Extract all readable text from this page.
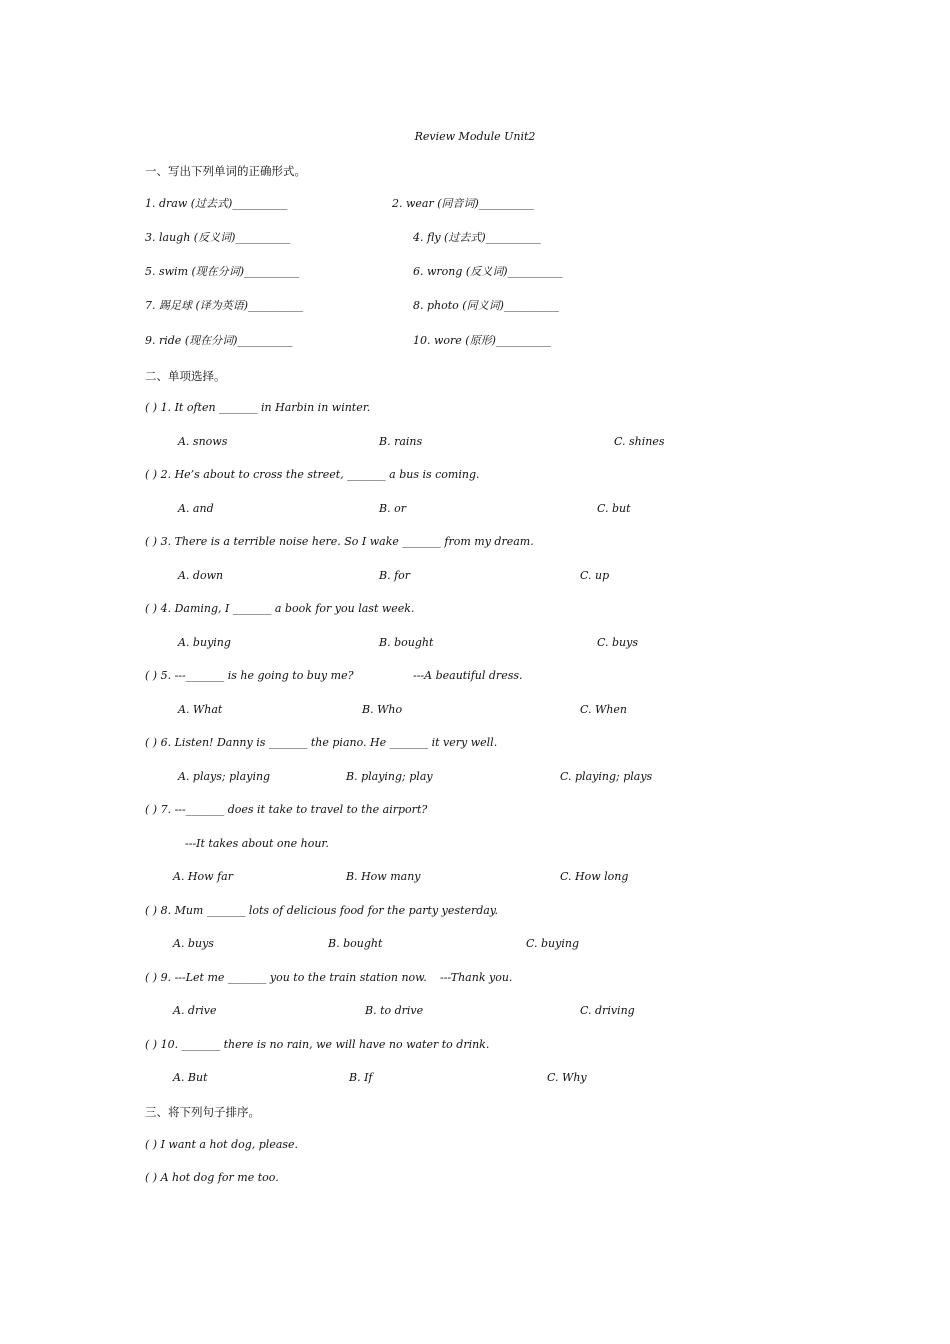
Review Module Unit2
一、写出下列单词的正确形式。
1. draw (过去式)__________	2. wear (同音词)__________
3. laugh (反义词)__________	4. fly (过去式)__________
5. swim (现在分词)__________	6. wrong (反义词)__________
7. 踢足球 (译为英语)__________	8. photo (同义词)__________
9. ride (现在分词)__________	10. wore (原形)__________
二、单项选择。
( ) 1. It often _______ in Harbin in winter.
A. snows	B. rains	C. shines
( ) 2. He’s about to cross the street, _______ a bus is coming.
A. and	B. or	C. but
( ) 3. There is a terrible noise here. So I wake _______ from my dream.
A. down	B. for	C. up
( ) 4. Daming, I _______ a book for you last week.
A. buying	B. bought	C. buys
( ) 5. ---_______ is he going to buy me?	---A beautiful dress.
A. What	B. Who	C. When
( ) 6. Listen! Danny is _______ the piano. He _______ it very well.
A. plays; playing	B. playing; play	C. playing; plays
( ) 7. ---_______ does it take to travel to the airport?
---It takes about one hour.
A. How far	B. How many	C. How long
( ) 8. Mum _______ lots of delicious food for the party yesterday.
A. buys	B. bought	C. buying
( ) 9. ---Let me _______ you to the train station now. ---Thank you.
A. drive	B. to drive	C. driving
( ) 10. _______ there is no rain, we will have no water to drink.
A. But	B. If	C. Why
三、将下列句子排序。
( ) I want a hot dog, please.
( ) A hot dog for me too.
